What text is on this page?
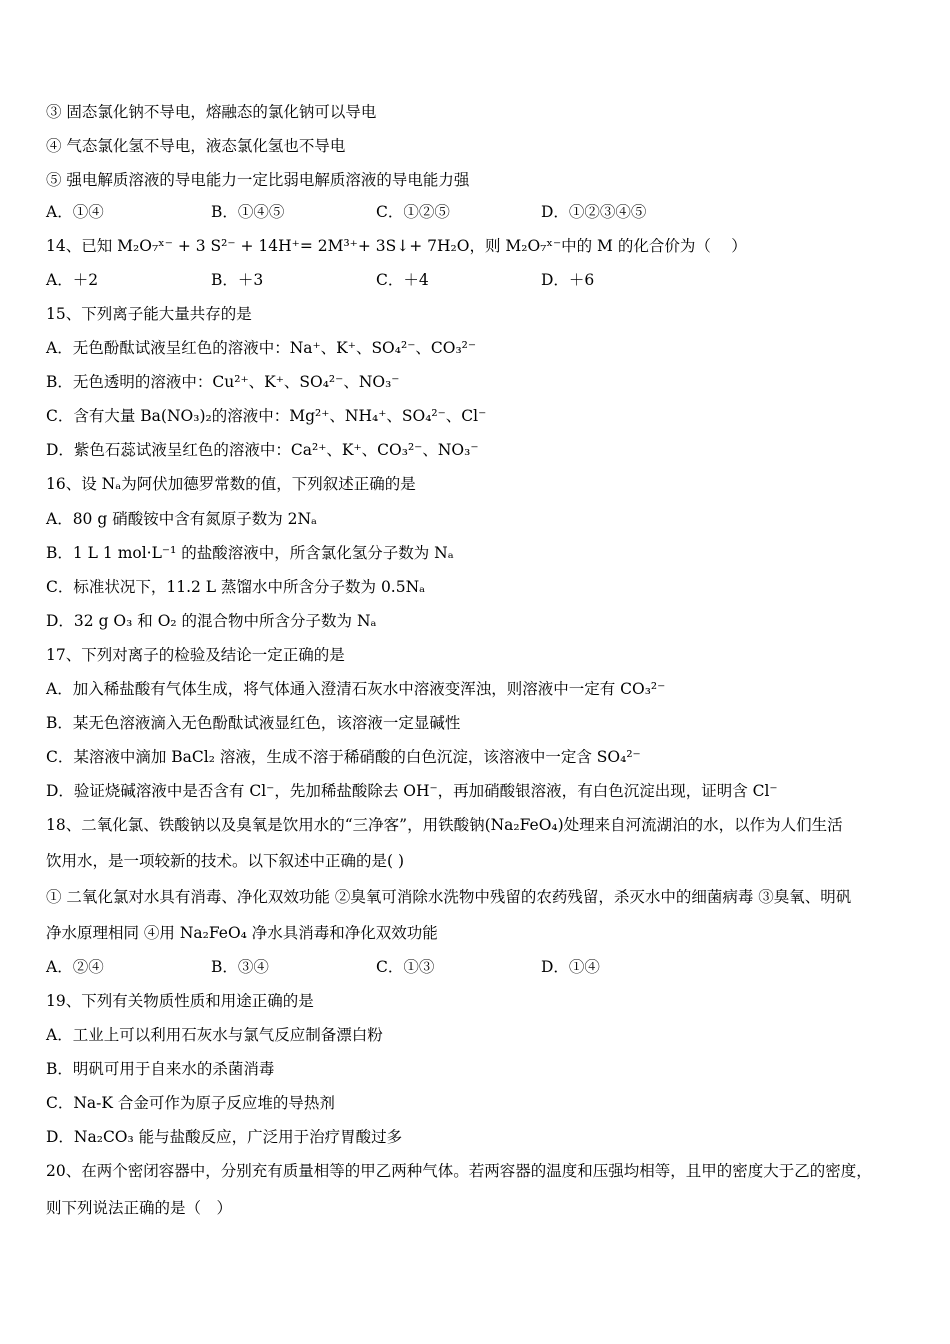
③ 固态氯化钠不导电，熔融态的氯化钠可以导电
④ 气态氯化氢不导电，液态氯化氢也不导电
⑤ 强电解质溶液的导电能力一定比弱电解质溶液的导电能力强
A．①④	B．①④⑤	C．①②⑤	D．①②③④⑤
14、已知 M₂O₇ˣ⁻ + 3 S²⁻ + 14H⁺= 2M³⁺+ 3S↓+ 7H₂O，则 M₂O₇ˣ⁻中的 M 的化合价为（　 ）
A．＋2	B．＋3	C．＋4	D．＋6
15、下列离子能大量共存的是
A．无色酚酞试液呈红色的溶液中：Na⁺、K⁺、SO₄²⁻、CO₃²⁻
B．无色透明的溶液中：Cu²⁺、K⁺、SO₄²⁻、NO₃⁻
C．含有大量 Ba(NO₃)₂的溶液中：Mg²⁺、NH₄⁺、SO₄²⁻、Cl⁻
D．紫色石蕊试液呈红色的溶液中：Ca²⁺、K⁺、CO₃²⁻、NO₃⁻
16、设 Nₐ为阿伏加德罗常数的值，下列叙述正确的是
A．80 g 硝酸铵中含有氮原子数为 2Nₐ
B．1 L 1 mol·L⁻¹ 的盐酸溶液中，所含氯化氢分子数为 Nₐ
C．标准状况下，11.2 L 蒸馏水中所含分子数为 0.5Nₐ
D．32 g O₃ 和 O₂ 的混合物中所含分子数为 Nₐ
17、下列对离子的检验及结论一定正确的是
A．加入稀盐酸有气体生成，将气体通入澄清石灰水中溶液变浑浊，则溶液中一定有 CO₃²⁻
B．某无色溶液滴入无色酚酞试液显红色，该溶液一定显碱性
C．某溶液中滴加 BaCl₂ 溶液，生成不溶于稀硝酸的白色沉淀，该溶液中一定含 SO₄²⁻
D．验证烧碱溶液中是否含有 Cl⁻，先加稀盐酸除去 OH⁻，再加硝酸银溶液，有白色沉淀出现，证明含 Cl⁻
18、二氧化氯、铁酸钠以及臭氧是饮用水的“三净客”，用铁酸钠(Na₂FeO₄)处理来自河流湖泊的水，以作为人们生活
饮用水，是一项较新的技术。以下叙述中正确的是( )
① 二氧化氯对水具有消毒、净化双效功能 ②臭氧可消除水洗物中残留的农药残留，杀灭水中的细菌病毒 ③臭氧、明矾
净水原理相同 ④用 Na₂FeO₄ 净水具消毒和净化双效功能
A．②④	B．③④	C．①③	D．①④
19、下列有关物质性质和用途正确的是
A．工业上可以利用石灰水与氯气反应制备漂白粉
B．明矾可用于自来水的杀菌消毒
C．Na-K 合金可作为原子反应堆的导热剂
D．Na₂CO₃ 能与盐酸反应，广泛用于治疗胃酸过多
20、在两个密闭容器中，分别充有质量相等的甲乙两种气体。若两容器的温度和压强均相等，且甲的密度大于乙的密度，
则下列说法正确的是（　）
